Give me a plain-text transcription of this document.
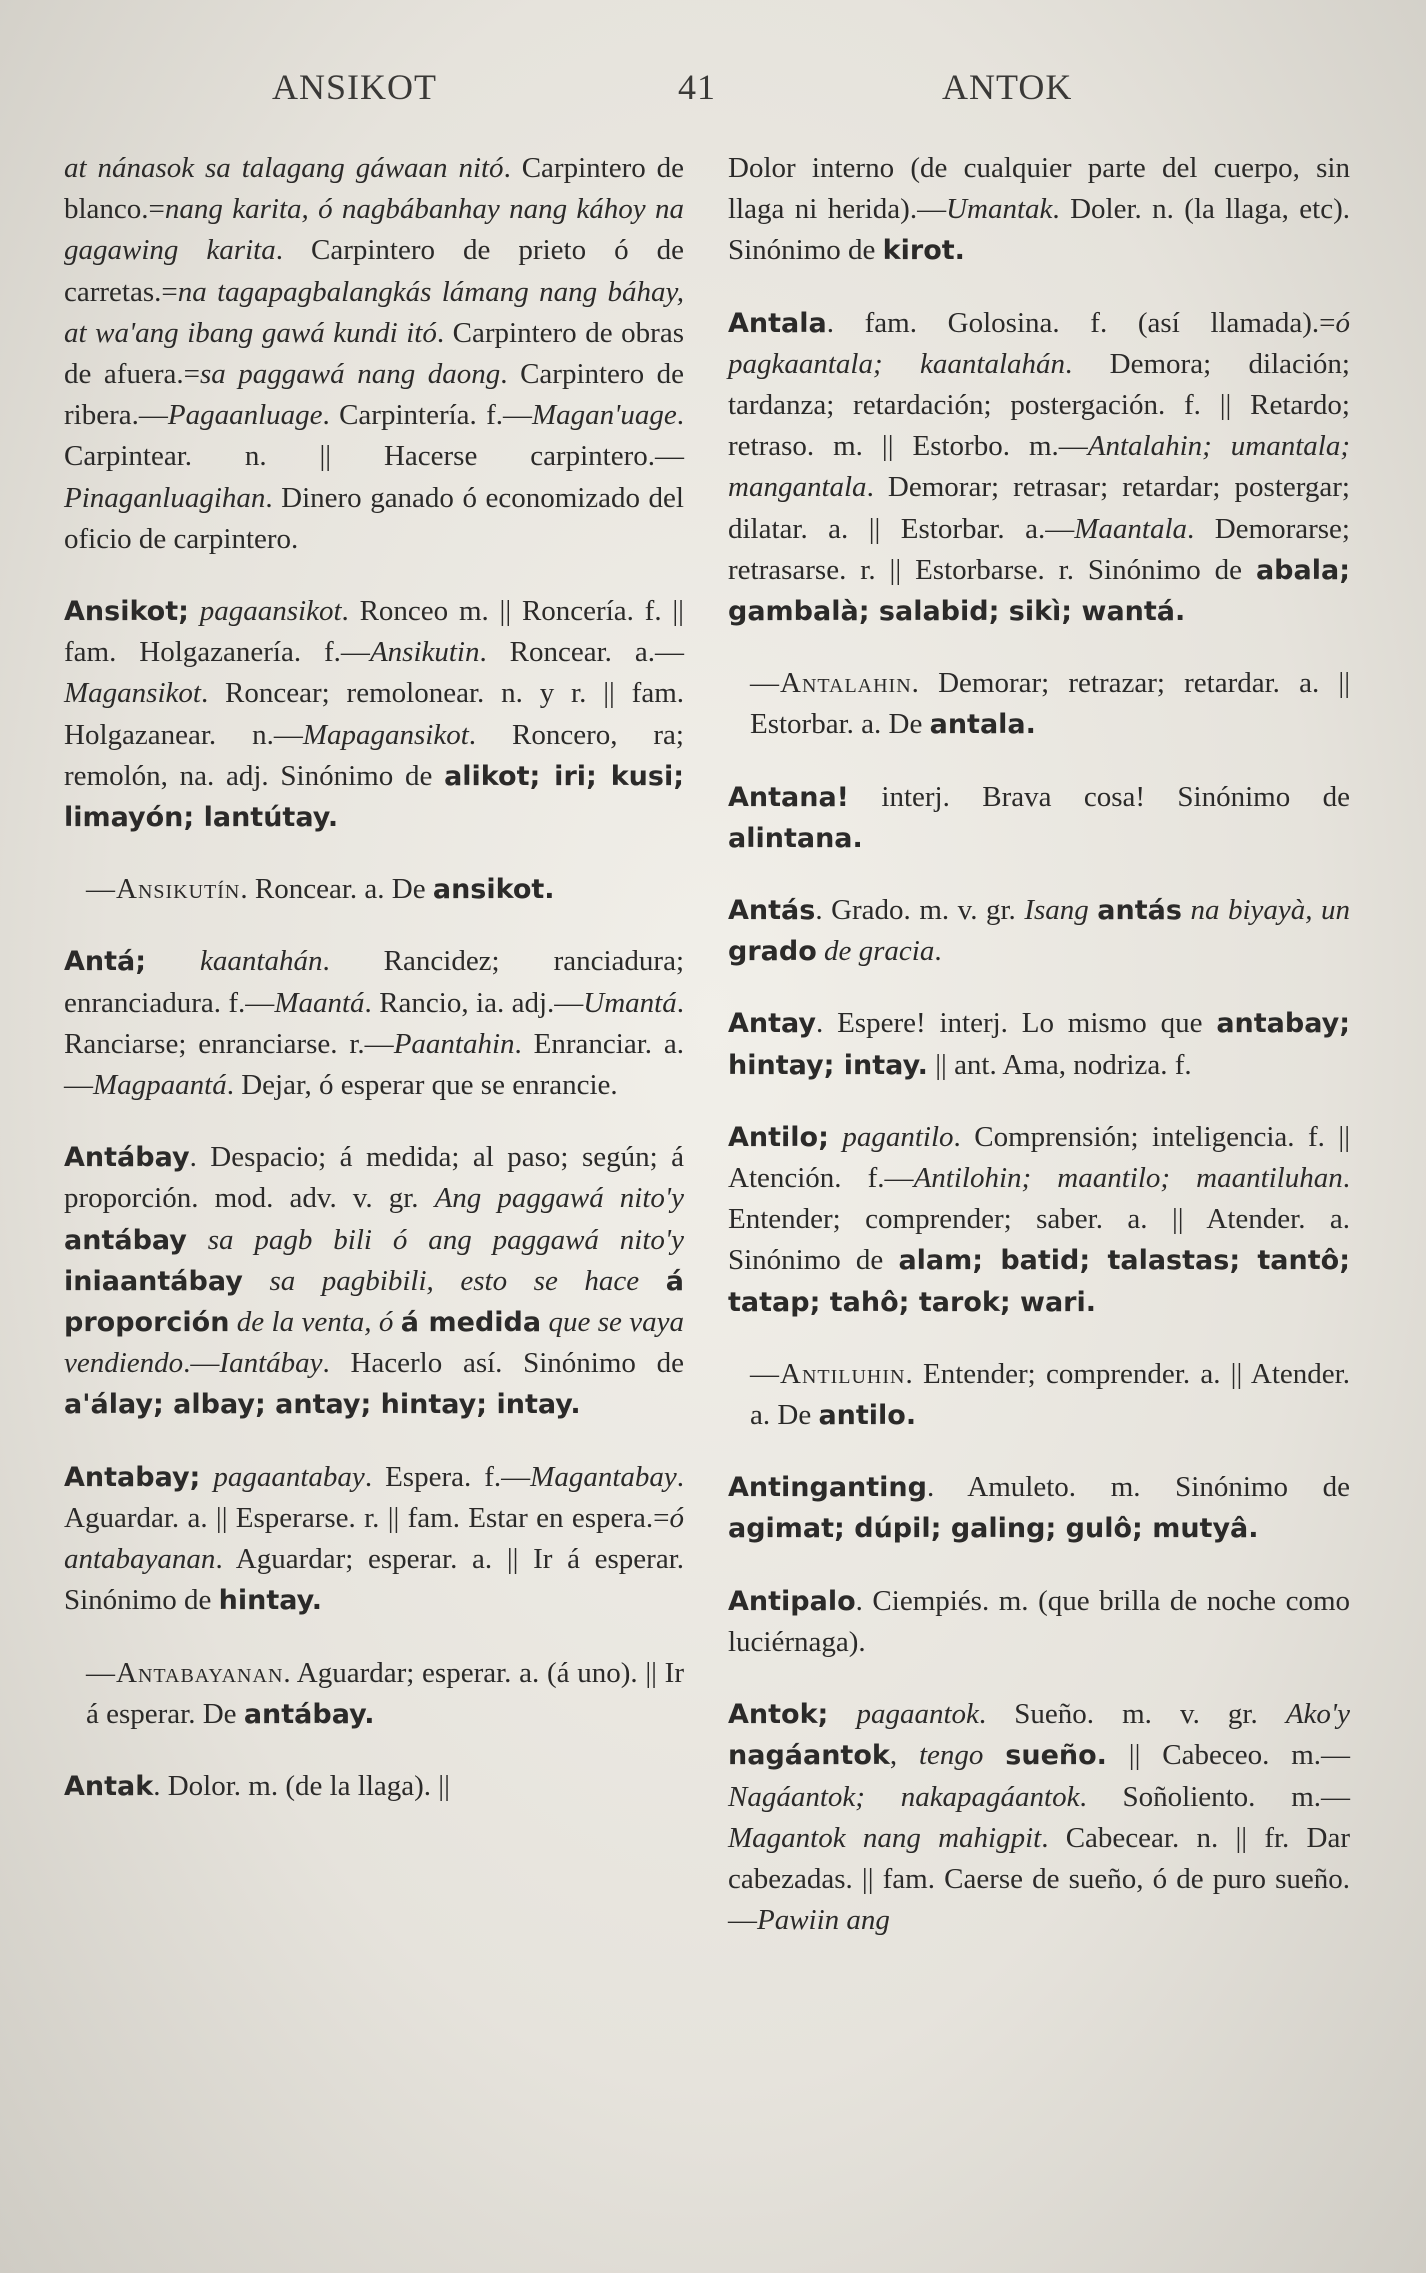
ANSIKOT	41	ANTOK

at nánasok sa talagang gáwaan nitó. Carpintero de blanco.=nang karita, ó nagbábanhay nang káhoy na gagawing karita. Carpintero de prieto ó de carretas.=na tagapagbalangkás lámang nang báhay, at wa'ang ibang gawá kundi itó. Carpintero de obras de afuera.=sa paggawá nang daong. Carpintero de ribera.—Pagaanluage. Carpintería. f.—Magan'uage. Carpintear. n. || Hacerse carpintero.—Pinaganluagihan. Dinero ganado ó economizado del oficio de carpintero.

Ansikot; pagaansikot. Ronceo m. || Roncería. f. || fam. Holgazanería. f.—Ansikutin. Roncear. a.—Magansikot. Roncear; remolonear. n. y r. || fam. Holgazanear. n.—Mapagansikot. Roncero, ra; remolón, na. adj. Sinónimo de alikot; iri; kusi; limayón; lantútay.

—Ansikutín. Roncear. a. De ansikot.

Antá; kaantahán. Rancidez; ranciadura; enranciadura. f.—Maantá. Rancio, ia. adj.—Umantá. Ranciarse; enranciarse. r.—Paantahin. Enranciar. a.—Magpaantá. Dejar, ó esperar que se enrancie.

Antábay. Despacio; á medida; al paso; según; á proporción. mod. adv. v. gr. Ang paggawá nito'y antábay sa pagb bili ó ang paggawá nito'y iniaantábay sa pagbibili, esto se hace á proporción de la venta, ó á medida que se vaya vendiendo.—Iantábay. Hacerlo así. Sinónimo de a'álay; albay; antay; hintay; intay.

Antabay; pagaantabay. Espera. f.—Magantabay. Aguardar. a. || Esperarse. r. || fam. Estar en espera.=ó antabayanan. Aguardar; esperar. a. || Ir á esperar. Sinónimo de hintay.

—Antabayanan. Aguardar; esperar. a. (á uno). || Ir á esperar. De antábay.

Antak. Dolor. m. (de la llaga). ||

Dolor interno (de cualquier parte del cuerpo, sin llaga ni herida).—Umantak. Doler. n. (la llaga, etc). Sinónimo de kirot.

Antala. fam. Golosina. f. (así llamada).=ó pagkaantala; kaantalahán. Demora; dilación; tardanza; retardación; postergación. f. || Retardo; retraso. m. || Estorbo. m.—Antalahin; umantala; mangantala. Demorar; retrasar; retardar; postergar; dilatar. a. || Estorbar. a.—Maantala. Demorarse; retrasarse. r. || Estorbarse. r. Sinónimo de abala; gambalà; salabid; sikì; wantá.

—Antalahin. Demorar; retrazar; retardar. a. || Estorbar. a. De antala.

Antana! interj. Brava cosa! Sinónimo de alintana.

Antás. Grado. m. v. gr. Isang antás na biyayà, un grado de gracia.

Antay. Espere! interj. Lo mismo que antabay; hintay; intay. || ant. Ama, nodriza. f.

Antilo; pagantilo. Comprensión; inteligencia. f. || Atención. f.—Antilohin; maantilo; maantiluhan. Entender; comprender; saber. a. || Atender. a. Sinónimo de alam; batid; talastas; tantô; tatap; tahô; tarok; wari.

—Antiluhin. Entender; comprender. a. || Atender. a. De antilo.

Antinganting. Amuleto. m. Sinónimo de agimat; dúpil; galing; gulô; mutyâ.

Antipalo. Ciempiés. m. (que brilla de noche como luciérnaga).

Antok; pagaantok. Sueño. m. v. gr. Ako'y nagáantok, tengo sueño. || Cabeceo. m.—Nagáantok; nakapagáantok. Soñoliento. m.—Magantok nang mahigpit. Cabecear. n. || fr. Dar cabezadas. || fam. Caerse de sueño, ó de puro sueño.—Pawiin ang
